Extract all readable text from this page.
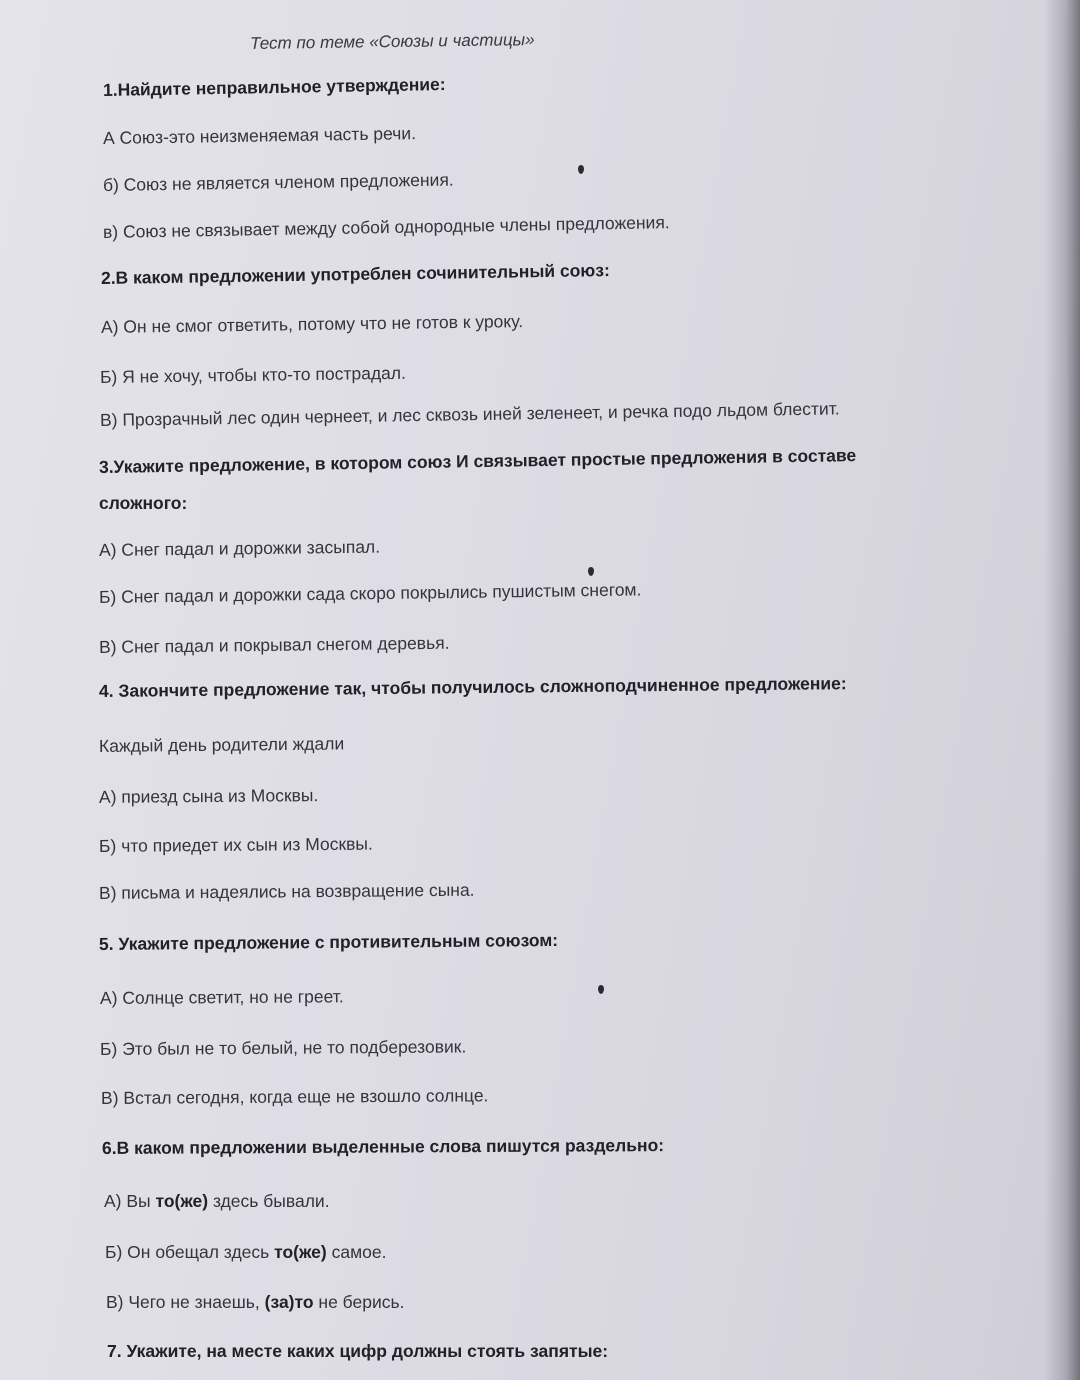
Тест по теме «Союзы и частицы»
1.Найдите неправильное утверждение:
А Союз-это неизменяемая часть речи.
б) Союз не является членом предложения.
в) Союз не связывает между собой однородные члены предложения.
2.В каком предложении употреблен сочинительный союз:
А) Он не смог ответить, потому что не готов к уроку.
Б) Я не хочу, чтобы кто-то пострадал.
В) Прозрачный лес один чернеет, и лес сквозь иней зеленеет, и речка подо льдом блестит.
3.Укажите предложение, в котором союз И связывает простые предложения в составе
сложного:
А) Снег падал и дорожки засыпал.
Б) Снег падал и дорожки сада скоро покрылись пушистым снегом.
В) Снег падал и покрывал снегом деревья.
4. Закончите предложение так, чтобы получилось сложноподчиненное предложение:
Каждый день родители ждали
А) приезд сына из Москвы.
Б) что приедет их сын из Москвы.
В) письма и надеялись на возвращение сына.
5. Укажите предложение с противительным союзом:
А) Солнце светит, но не греет.
Б) Это был не то белый, не то подберезовик.
В) Встал сегодня, когда еще не взошло солнце.
6.В каком предложении выделенные слова пишутся раздельно:
А) Вы то(же) здесь бывали.
Б) Он обещал здесь то(же) самое.
В) Чего не знаешь, (за)то не берись.
7. Укажите, на месте каких цифр должны стоять запятые:
